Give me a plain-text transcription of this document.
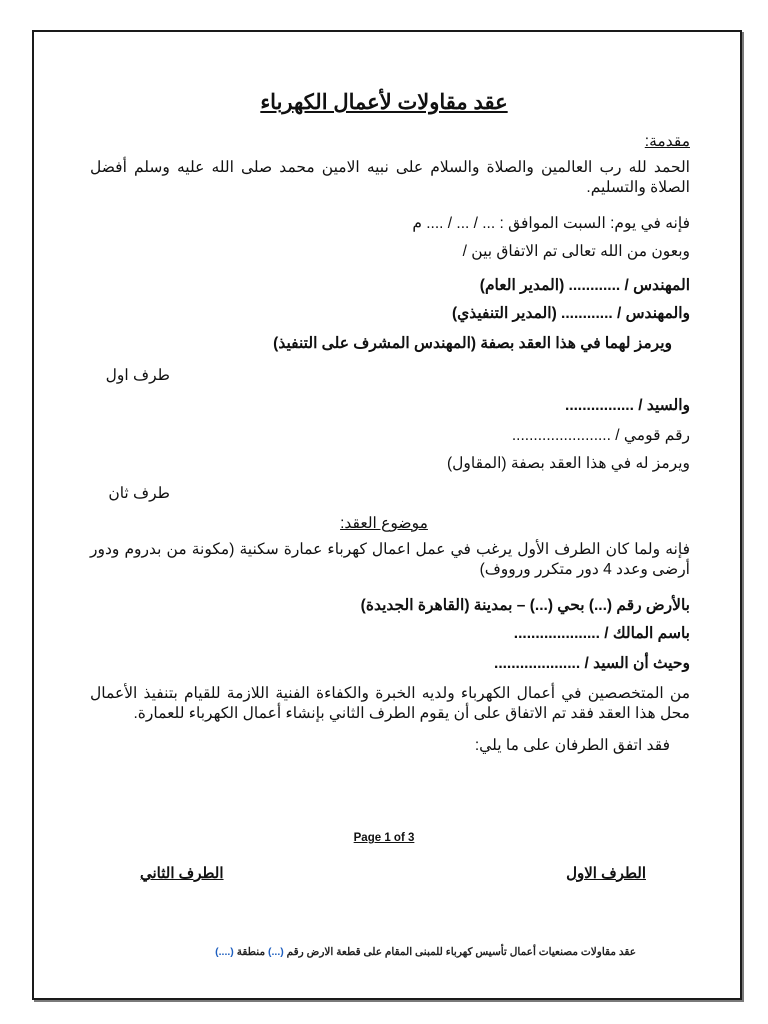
عقد مقاولات لأعمال الكهرباء
مقدمة:
الحمد لله رب العالمين والصلاة والسلام على نبيه الامين محمد صلى الله عليه وسلم أفضل الصلاة والتسليم.
فإنه في يوم: السبت الموافق : ... / ... / .... م
وبعون من الله تعالى تم الاتفاق بين /
المهندس / ............ (المدير العام)
والمهندس / ............ (المدير التنفيذي)
ويرمز لهما في هذا العقد بصفة (المهندس المشرف على التنفيذ)
طرف اول
والسيد / ................
رقم قومي / .......................
ويرمز له في هذا العقد بصفة (المقاول)
طرف ثان
موضوع العقد:
فإنه ولما كان الطرف الأول يرغب في عمل اعمال كهرباء عمارة سكنية (مكونة من بدروم ودور أرضى وعدد 4 دور متكرر ورووف)
بالأرض رقم (...) بحي (...) – بمدينة (القاهرة الجديدة)
باسم المالك / ....................
وحيث أن السيد / ....................
من المتخصصين في أعمال الكهرباء ولديه الخبرة والكفاءة الفنية اللازمة للقيام بتنفيذ الأعمال محل هذا العقد فقد تم الاتفاق على أن يقوم الطرف الثاني بإنشاء أعمال الكهرباء للعمارة.
فقد اتفق الطرفان على ما يلي:
Page 1 of 3
الطرف الاول
الطرف الثاني
عقد مقاولات مصنعيات أعمال تأسيس كهرباء للمبنى المقام على قطعة الارض رقم (...) منطقة (....)
